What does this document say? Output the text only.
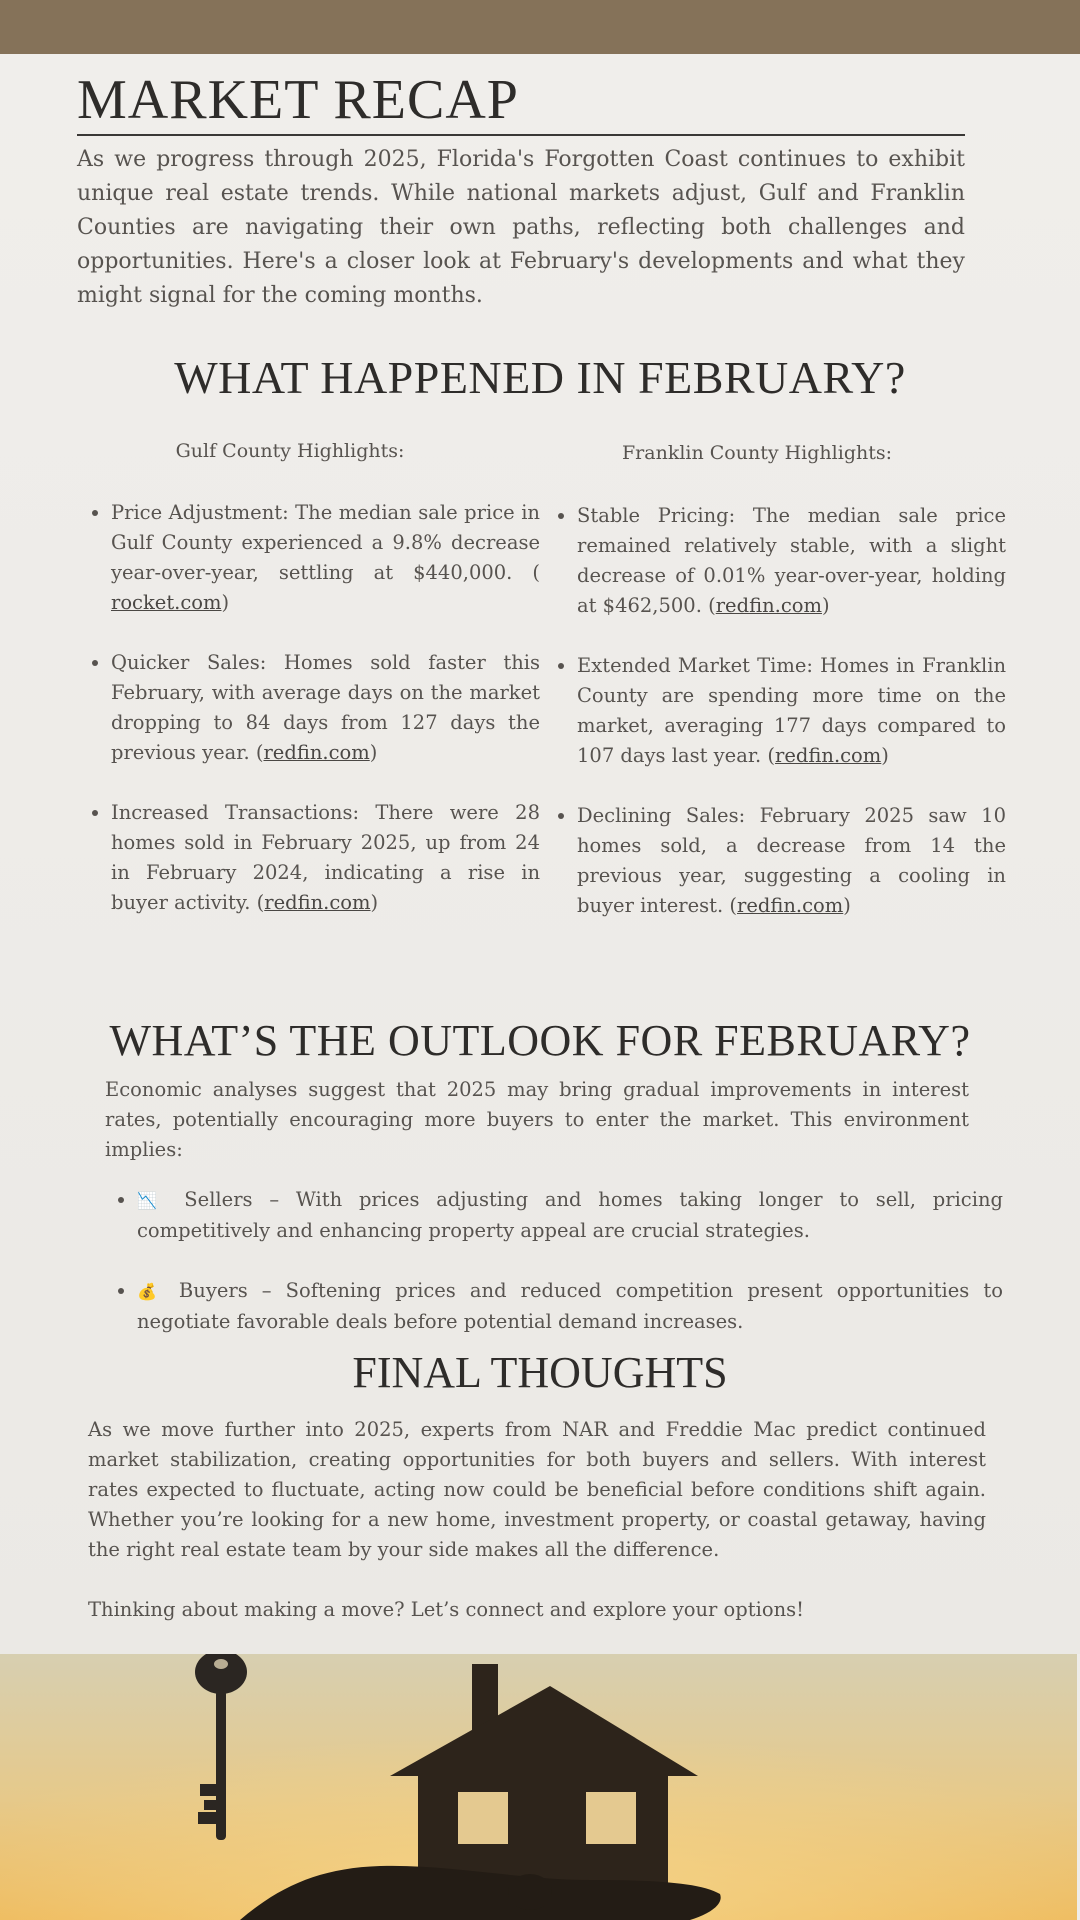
MARKET RECAP

As we progress through 2025, Florida's Forgotten Coast continues to exhibit unique real estate trends. While national markets adjust, Gulf and Franklin Counties are navigating their own paths, reflecting both challenges and opportunities. Here's a closer look at February's developments and what they might signal for the coming months.

WHAT HAPPENED IN FEBRUARY?

Gulf County Highlights:

• Price Adjustment: The median sale price in Gulf County experienced a 9.8% decrease year-over-year, settling at $440,000. ( rocket.com)
• Quicker Sales: Homes sold faster this February, with average days on the market dropping to 84 days from 127 days the previous year. (redfin.com)
• Increased Transactions: There were 28 homes sold in February 2025, up from 24 in February 2024, indicating a rise in buyer activity. (redfin.com)

Franklin County Highlights:

• Stable Pricing: The median sale price remained relatively stable, with a slight decrease of 0.01% year-over-year, holding at $462,500. (redfin.com)
• Extended Market Time: Homes in Franklin County are spending more time on the market, averaging 177 days compared to 107 days last year. (redfin.com)
• Declining Sales: February 2025 saw 10 homes sold, a decrease from 14 the previous year, suggesting a cooling in buyer interest. (redfin.com)
WHAT’S THE OUTLOOK FOR FEBRUARY?

Economic analyses suggest that 2025 may bring gradual improvements in interest rates, potentially encouraging more buyers to enter the market. This environment implies:

• 📉 Sellers – With prices adjusting and homes taking longer to sell, pricing competitively and enhancing property appeal are crucial strategies.
• 💰 Buyers – Softening prices and reduced competition present opportunities to negotiate favorable deals before potential demand increases.
FINAL THOUGHTS

As we move further into 2025, experts from NAR and Freddie Mac predict continued market stabilization, creating opportunities for both buyers and sellers. With interest rates expected to fluctuate, acting now could be beneficial before conditions shift again. Whether you’re looking for a new home, investment property, or coastal getaway, having the right real estate team by your side makes all the difference.

Thinking about making a move? Let’s connect and explore your options!
